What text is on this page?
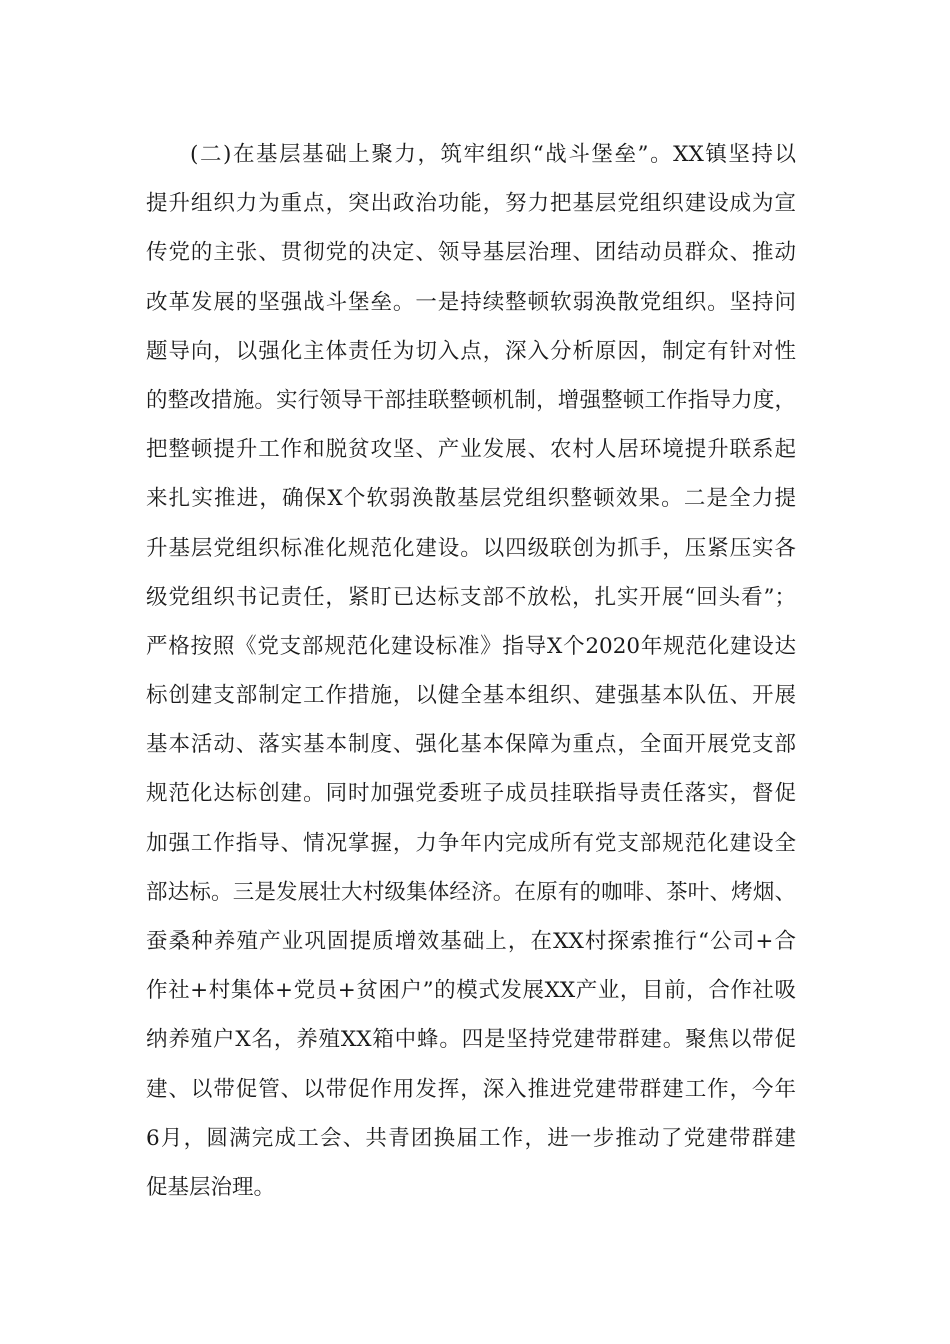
(二)在基层基础上聚力，筑牢组织“战斗堡垒”。XX镇坚持以
提升组织力为重点，突出政治功能，努力把基层党组织建设成为宣
传党的主张、贯彻党的决定、领导基层治理、团结动员群众、推动
改革发展的坚强战斗堡垒。一是持续整顿软弱涣散党组织。坚持问
题导向，以强化主体责任为切入点，深入分析原因，制定有针对性
的整改措施。实行领导干部挂联整顿机制，增强整顿工作指导力度，
把整顿提升工作和脱贫攻坚、产业发展、农村人居环境提升联系起
来扎实推进，确保X个软弱涣散基层党组织整顿效果。二是全力提
升基层党组织标准化规范化建设。以四级联创为抓手，压紧压实各
级党组织书记责任，紧盯已达标支部不放松，扎实开展“回头看”；
严格按照《党支部规范化建设标准》指导X个2020年规范化建设达
标创建支部制定工作措施，以健全基本组织、建强基本队伍、开展
基本活动、落实基本制度、强化基本保障为重点，全面开展党支部
规范化达标创建。同时加强党委班子成员挂联指导责任落实，督促
加强工作指导、情况掌握，力争年内完成所有党支部规范化建设全
部达标。三是发展壮大村级集体经济。在原有的咖啡、茶叶、烤烟、
蚕桑种养殖产业巩固提质增效基础上，在XX村探索推行“公司+合
作社+村集体+党员+贫困户”的模式发展XX产业，目前，合作社吸
纳养殖户X名，养殖XX箱中蜂。四是坚持党建带群建。聚焦以带促
建、以带促管、以带促作用发挥，深入推进党建带群建工作，今年
6月，圆满完成工会、共青团换届工作，进一步推动了党建带群建
促基层治理。
